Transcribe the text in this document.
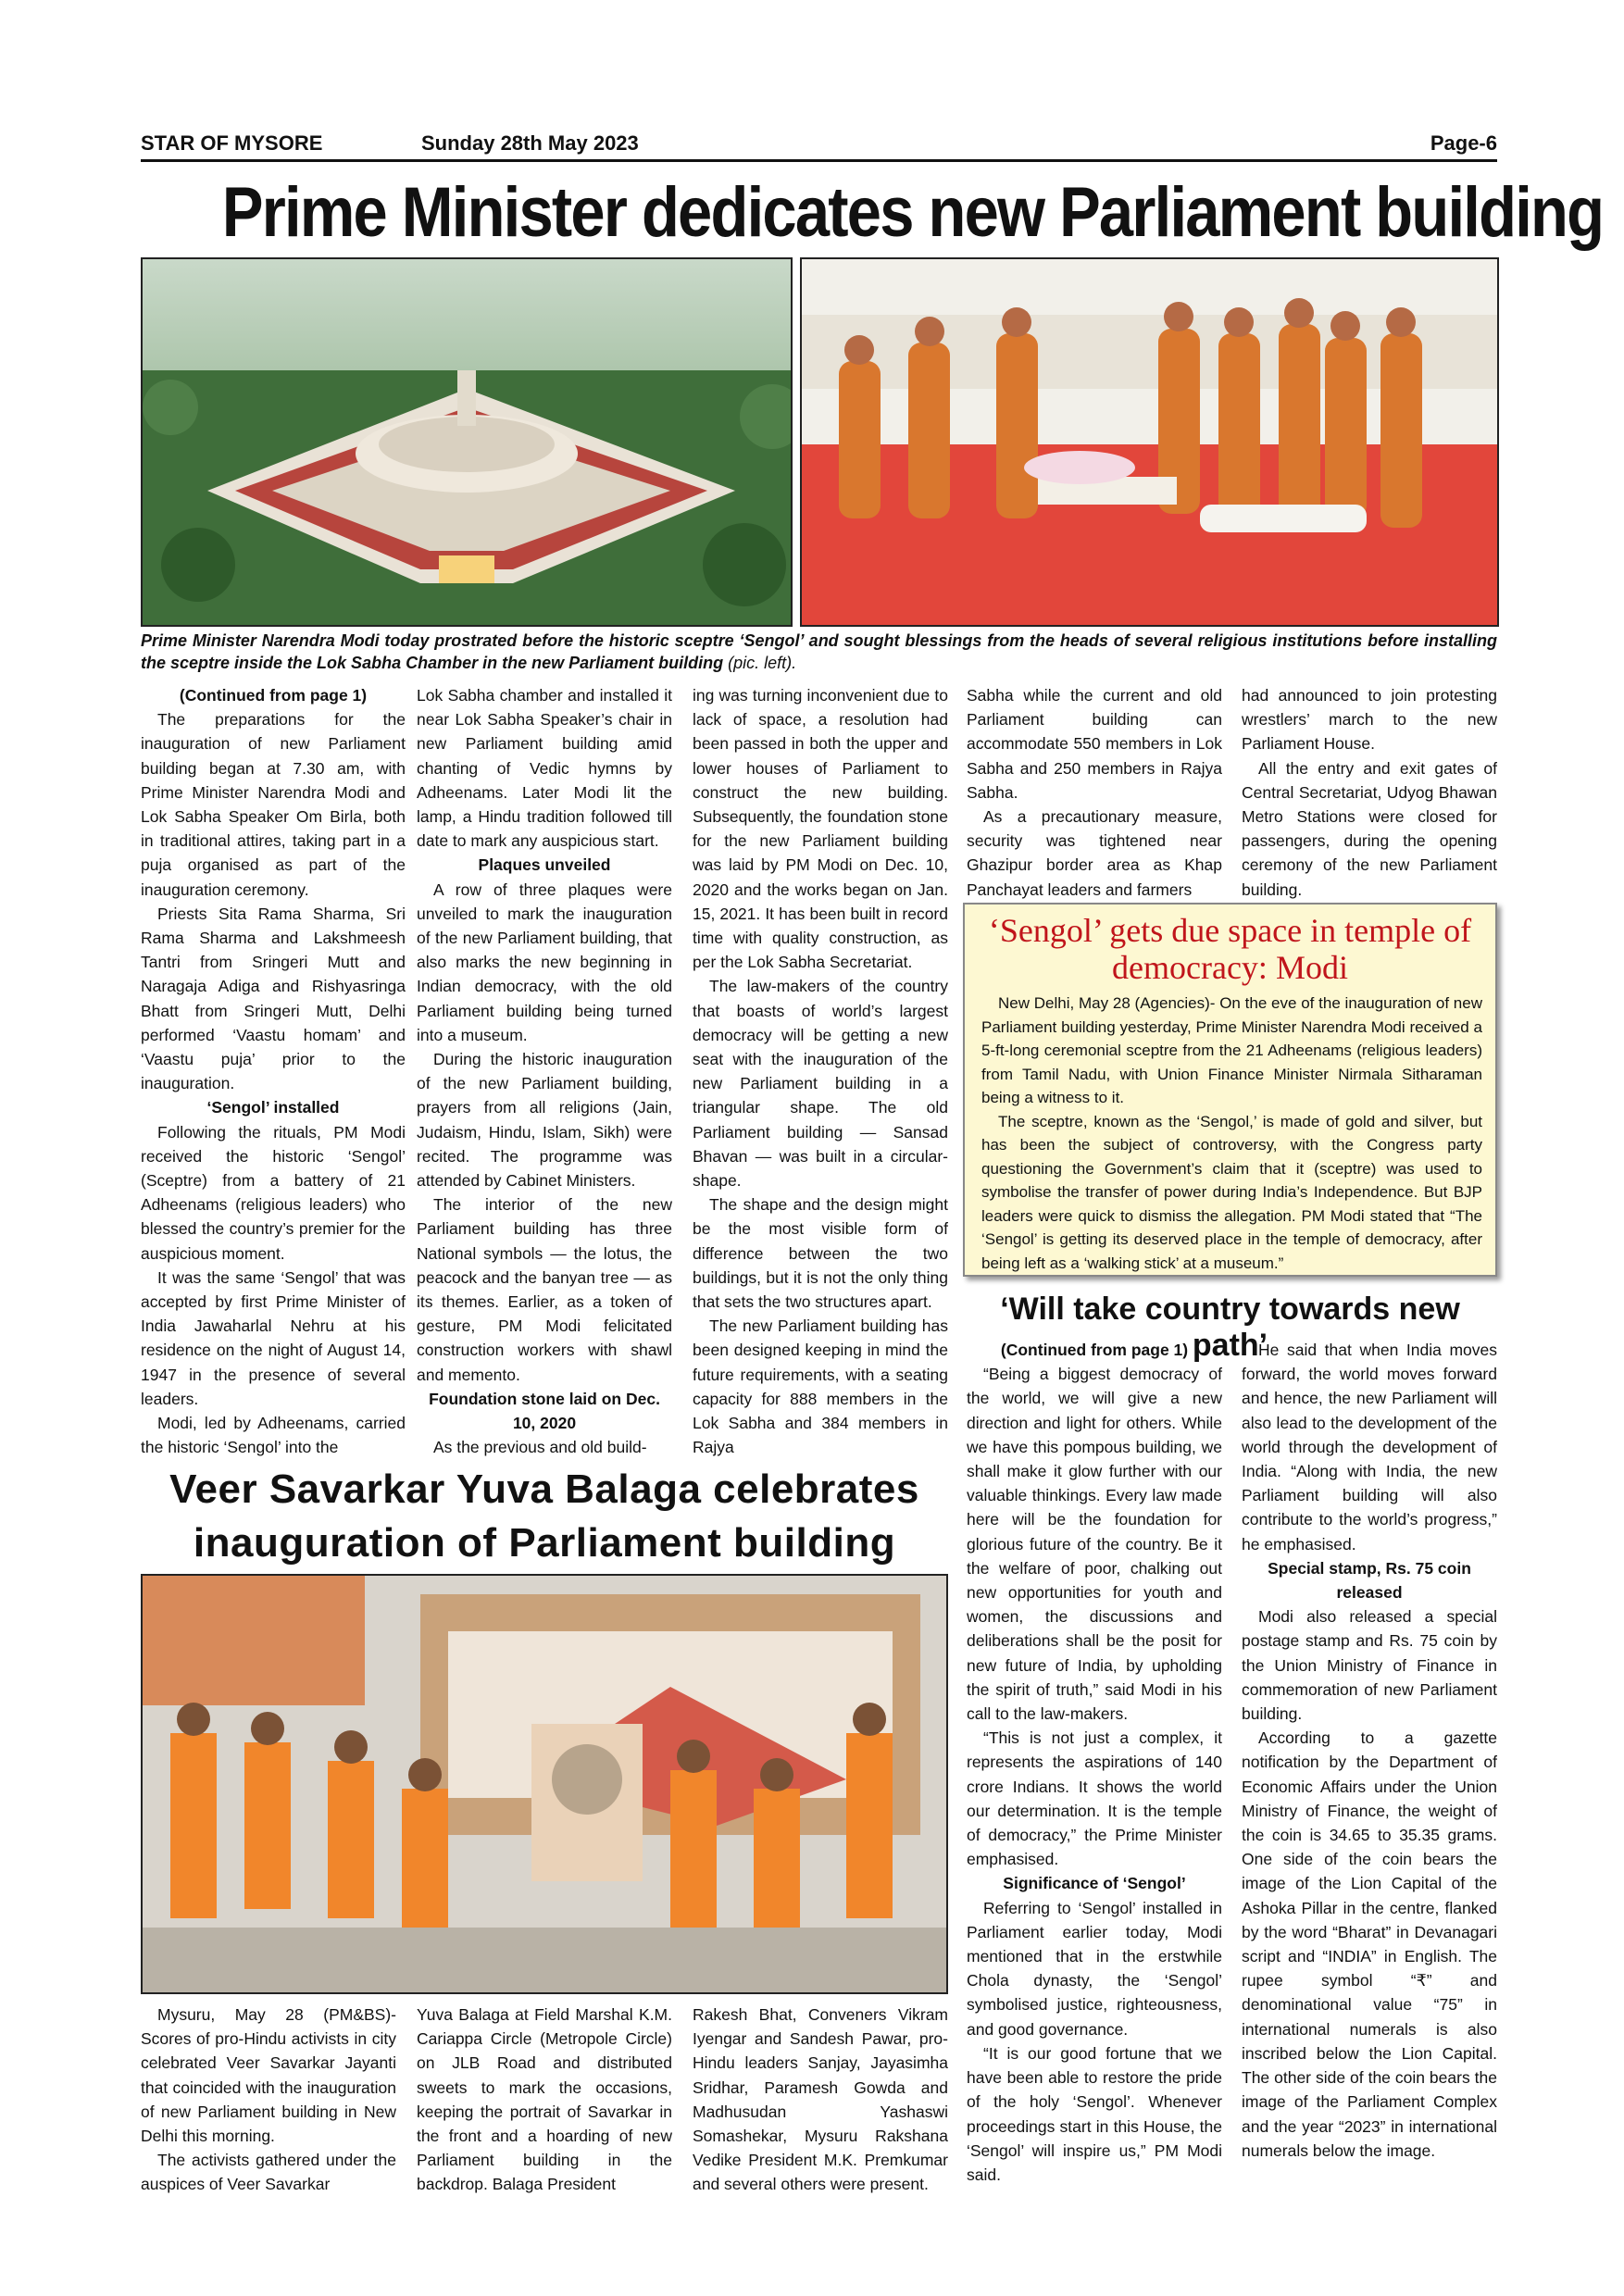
STAR OF MYSORE	Sunday 28th May 2023	Page-6
Prime Minister dedicates new Parliament building
Prime Minister Narendra Modi today prostrated before the historic sceptre ‘Sengol’ and sought blessings from the heads of several religious institutions before installing the sceptre inside the Lok Sabha Chamber in the new Parliament building (pic. left).

(Continued from page 1)

The preparations for the inauguration of new Parliament building began at 7.30 am, with Prime Minister Narendra Modi and Lok Sabha Speaker Om Birla, both in traditional attires, taking part in a puja organised as part of the inauguration ceremony.

Priests Sita Rama Sharma, Sri Rama Sharma and Lakshmeesh Tantri from Sringeri Mutt and Naragaja Adiga and Rishyasringa Bhatt from Sringeri Mutt, Delhi performed ‘Vaastu homam’ and ‘Vaastu puja’ prior to the inauguration.

‘Sengol’ installed

Following the rituals, PM Modi received the historic ‘Sengol’ (Sceptre) from a battery of 21 Adheenams (religious leaders) who blessed the country’s premier for the auspicious moment.

It was the same ‘Sengol’ that was accepted by first Prime Minister of India Jawaharlal Nehru at his residence on the night of August 14, 1947 in the presence of several leaders.

Modi, led by Adheenams, carried the historic ‘Sengol’ into the

Lok Sabha chamber and installed it near Lok Sabha Speaker’s chair in new Parliament building amid chanting of Vedic hymns by Adheenams. Later Modi lit the lamp, a Hindu tradition followed till date to mark any auspicious start.

Plaques unveiled

A row of three plaques were unveiled to mark the inauguration of the new Parliament building, that also marks the new beginning in Indian democracy, with the old Parliament building being turned into a museum.

During the historic inauguration of the new Parliament building, prayers from all religions (Jain, Judaism, Hindu, Islam, Sikh) were recited. The programme was attended by Cabinet Ministers.

The interior of the new Parliament building has three National symbols — the lotus, the peacock and the banyan tree — as its themes. Earlier, as a token of gesture, PM Modi felicitated construction workers with shawl and memento.

Foundation stone laid on Dec. 10, 2020

As the previous and old build-

ing was turning inconvenient due to lack of space, a resolution had been passed in both the upper and lower houses of Parliament to construct the new building. Subsequently, the foundation stone for the new Parliament building was laid by PM Modi on Dec. 10, 2020 and the works began on Jan. 15, 2021. It has been built in record time with quality construction, as per the Lok Sabha Secretariat.

The law-makers of the country that boasts of world’s largest democracy will be getting a new seat with the inauguration of the new Parliament building in a triangular shape. The old Parliament building — Sansad Bhavan — was built in a circular-shape.

The shape and the design might be the most visible form of difference between the two buildings, but it is not the only thing that sets the two structures apart.

The new Parliament building has been designed keeping in mind the future requirements, with a seating capacity for 888 members in the Lok Sabha and 384 members in Rajya

Sabha while the current and old Parliament building can accommodate 550 members in Lok Sabha and 250 members in Rajya Sabha.

As a precautionary measure, security was tightened near Ghazipur border area as Khap Panchayat leaders and farmers

had announced to join protesting wrestlers’ march to the new Parliament House.

All the entry and exit gates of Central Secretariat, Udyog Bhawan Metro Stations were closed for passengers, during the opening ceremony of the new Parliament building.

‘Sengol’ gets due space in temple of democracy: Modi

New Delhi, May 28 (Agencies)- On the eve of the inauguration of new Parliament building yesterday, Prime Minister Narendra Modi received a 5-ft-long ceremonial sceptre from the 21 Adheenams (religious leaders) from Tamil Nadu, with Union Finance Minister Nirmala Sitharaman being a witness to it.

The sceptre, known as the ‘Sengol,’ is made of gold and silver, but has been the subject of controversy, with the Congress party questioning the Government’s claim that it (sceptre) was used to symbolise the transfer of power during India’s Independence. But BJP leaders were quick to dismiss the allegation. PM Modi stated that “The ‘Sengol’ is getting its deserved place in the temple of democracy, after being left as a ‘walking stick’ at a museum.”

‘Will take country towards new path’

(Continued from page 1)

“Being a biggest democracy of the world, we will give a new direction and light for others. While we have this pompous building, we shall make it glow further with our valuable thinkings. Every law made here will be the foundation for glorious future of the country. Be it the welfare of poor, chalking out new opportunities for youth and women, the discussions and deliberations shall be the posit for new future of India, by upholding the spirit of truth,” said Modi in his call to the law-makers.

“This is not just a complex, it represents the aspirations of 140 crore Indians. It shows the world our determination. It is the temple of democracy,” the Prime Minister emphasised.

Significance of ‘Sengol’

Referring to ‘Sengol’ installed in Parliament earlier today, Modi mentioned that in the erstwhile Chola dynasty, the ‘Sengol’ symbolised justice, righteousness, and good governance.

“It is our good fortune that we have been able to restore the pride of the holy ‘Sengol’. Whenever proceedings start in this House, the ‘Sengol’ will inspire us,” PM Modi said.

He said that when India moves forward, the world moves forward and hence, the new Parliament will also lead to the development of the world through the development of India. “Along with India, the new Parliament building will also contribute to the world’s progress,” he emphasised.

Special stamp, Rs. 75 coin released

Modi also released a special postage stamp and Rs. 75 coin by the Union Ministry of Finance in commemoration of new Parliament building.

According to a gazette notification by the Department of Economic Affairs under the Union Ministry of Finance, the weight of the coin is 34.65 to 35.35 grams. One side of the coin bears the image of the Lion Capital of the Ashoka Pillar in the centre, flanked by the word “Bharat” in Devanagari script and “INDIA” in English. The rupee symbol “₹” and denominational value “75” in international numerals is also inscribed below the Lion Capital. The other side of the coin bears the image of the Parliament Complex and the year “2023” in international numerals below the image.

Veer Savarkar Yuva Balaga celebrates
inauguration of Parliament building

Mysuru, May 28 (PM&BS)- Scores of pro-Hindu activists in city celebrated Veer Savarkar Jayanti that coincided with the inauguration of new Parliament building in New Delhi this morning.

The activists gathered under the auspices of Veer Savarkar

Yuva Balaga at Field Marshal K.M. Cariappa Circle (Metropole Circle) on JLB Road and distributed sweets to mark the occasions, keeping the portrait of Savarkar in the front and a hoarding of new Parliament building in the backdrop. Balaga President

Rakesh Bhat, Conveners Vikram Iyengar and Sandesh Pawar, pro-Hindu leaders Sanjay, Jayasimha Sridhar, Paramesh Gowda and Madhusudan Yashaswi Somashekar, Mysuru Rakshana Vedike President M.K. Premkumar and several others were present.
